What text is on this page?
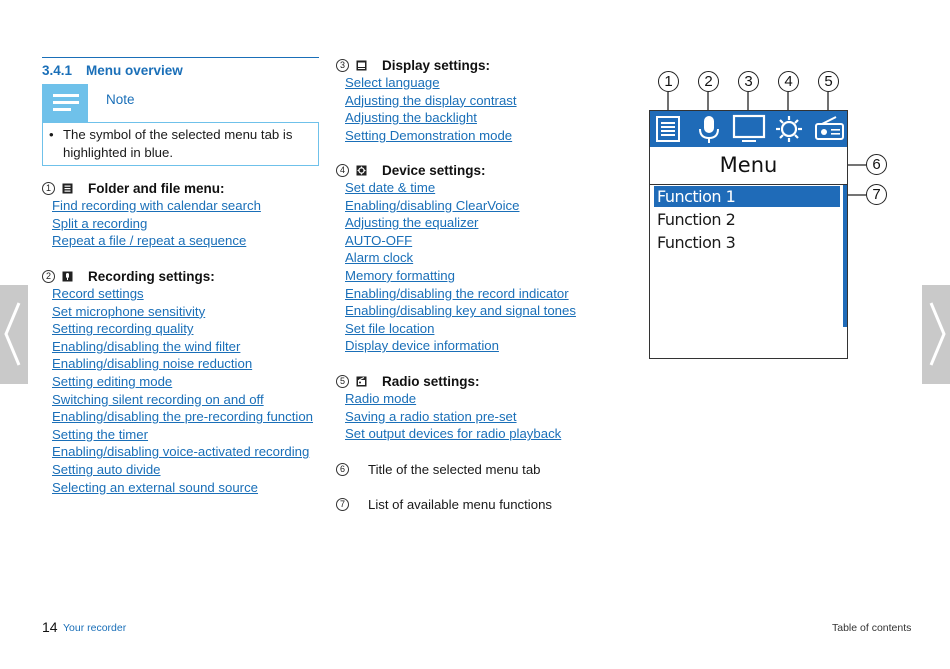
3.4.1 Menu overview
Note
• The symbol of the selected menu tab is highlighted in blue.
1	Folder and file menu:
Find recording with calendar search
Split a recording
Repeat a file / repeat a sequence
2	Recording settings:
Record settings
Set microphone sensitivity
Setting recording quality
Enabling/disabling the wind filter
Enabling/disabling noise reduction
Setting editing mode
Switching silent recording on and off
Enabling/disabling the pre-recording function
Setting the timer
Enabling/disabling voice-activated recording
Setting auto divide
Selecting an external sound source
3	Display settings:
Select language
Adjusting the display contrast
Adjusting the backlight
Setting Demonstration mode
4	Device settings:
Set date & time
Enabling/disabling ClearVoice
Adjusting the equalizer
AUTO-OFF
Alarm clock
Memory formatting
Enabling/disabling the record indicator
Enabling/disabling key and signal tones
Set file location
Display device information
5	Radio settings:
Radio mode
Saving a radio station pre-set
Set output devices for radio playback
6	Title of the selected menu tab
7	List of available menu functions
1	2	3	4	5
Menu
Function 1
Function 2
Function 3
6
7
14 Your recorder	Table of contents
